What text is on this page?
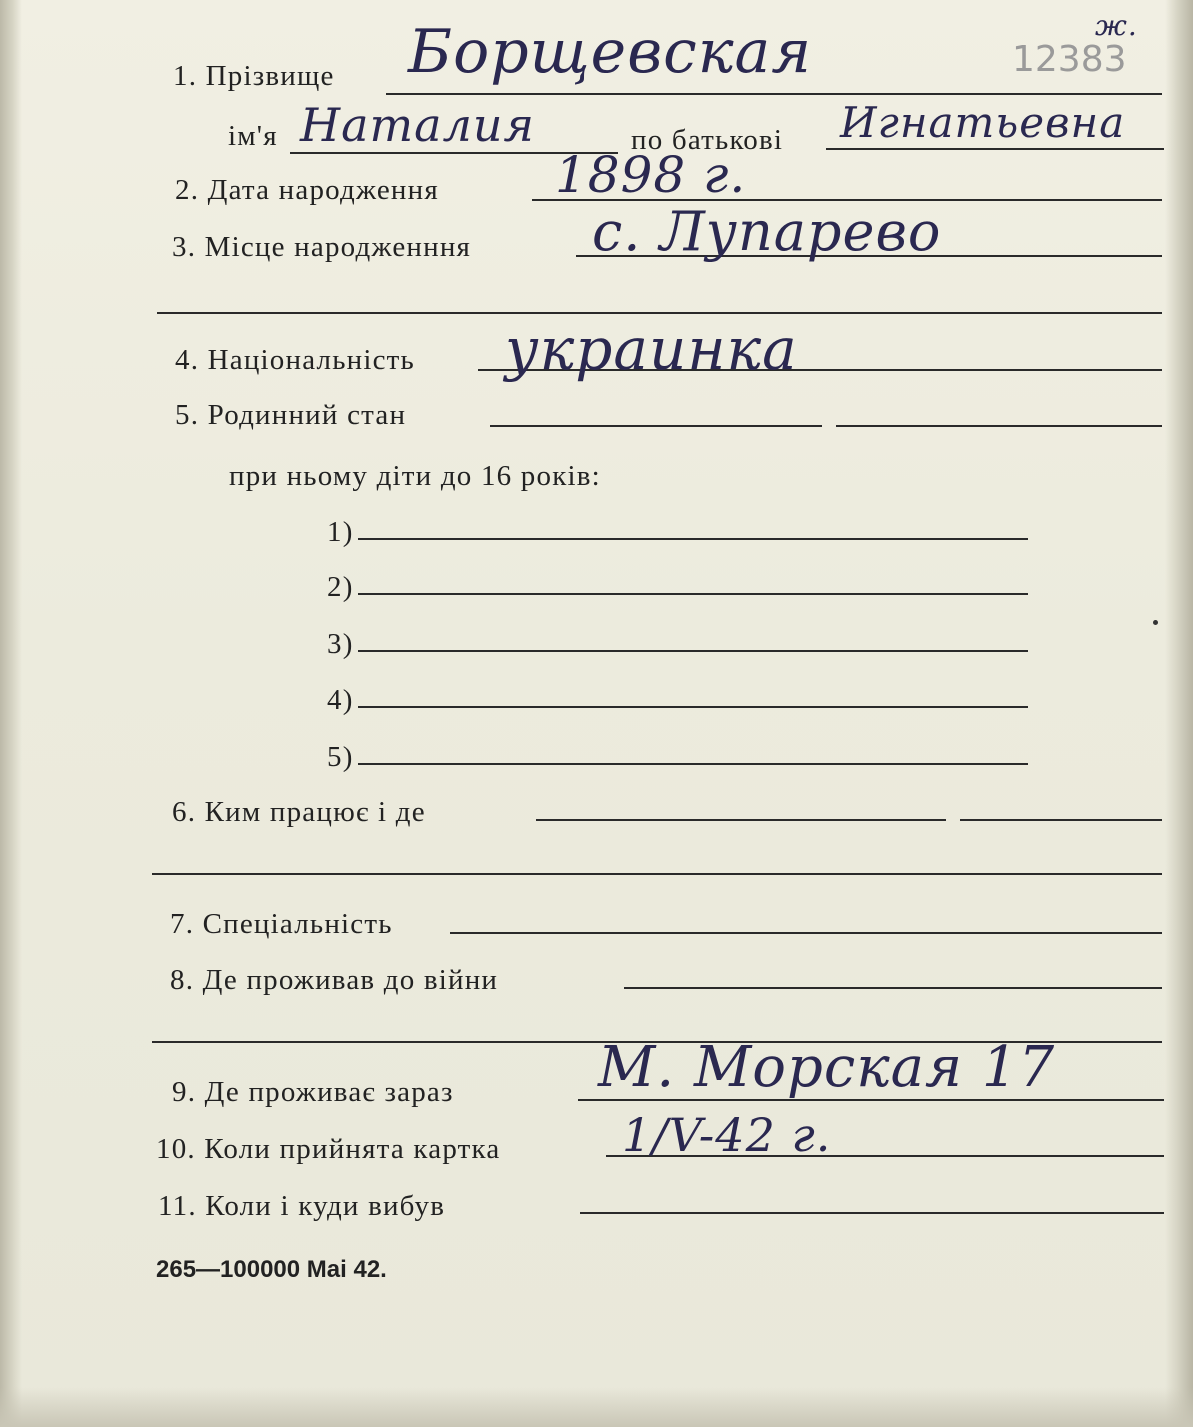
1. Прізвище Борщевская	12383
ж.
ім'я Наталия	по батькові Игнатьевна
2. Дата народження 1898 г.
3. Місце народженння с. Лупарево
4. Національність украинка
5. Родинний стан
при ньому діти до 16 років:
1)
2)
3)
4)
5)
6. Ким працює і де
7. Спеціальність
8. Де проживав до війни
9. Де проживає зараз	М. Морская 17
10. Коли прийнята картка	1/V-42 г.
11. Коли і куди вибув
265—100000 Mai 42.
